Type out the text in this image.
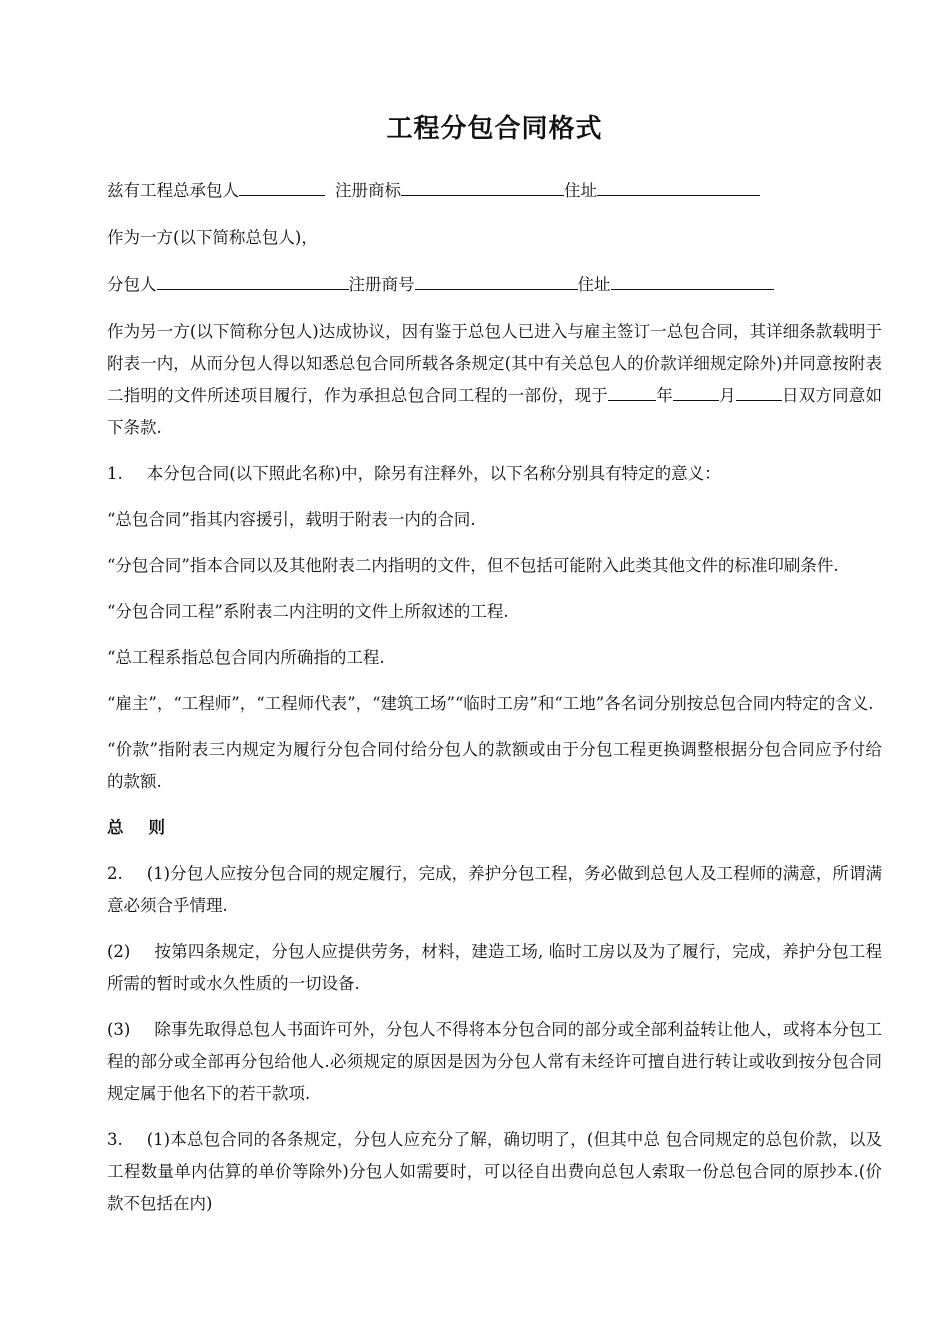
工程分包合同格式

兹有工程总承包人	注册商标	住址

作为一方(以下简称总包人)，

分包人	注册商号	住址

作为另一方(以下简称分包人)达成协议，因有鉴于总包人已进入与雇主签订一总包合同，其详细条款载明于附表一内，从而分包人得以知悉总包合同所载各条规定(其中有关总包人的价款详细规定除外)并同意按附表二指明的文件所述项目履行，作为承担总包合同工程的一部份，现于	年	月	日双方同意如下条款.

1. 本分包合同(以下照此名称)中，除另有注释外，以下名称分别具有特定的意义：

“总包合同”指其内容援引，载明于附表一内的合同.

“分包合同”指本合同以及其他附表二内指明的文件，但不包括可能附入此类其他文件的标准印刷条件.

“分包合同工程”系附表二内注明的文件上所叙述的工程.

“总工程系指总包合同内所确指的工程.

“雇主”，“工程师”，“工程师代表”，“建筑工场”“临时工房”和“工地”各名词分别按总包合同内特定的含义.

“价款”指附表三内规定为履行分包合同付给分包人的款额或由于分包工程更换调整根据分包合同应予付给的款额.

总 则

2. (1)分包人应按分包合同的规定履行，完成，养护分包工程，务必做到总包人及工程师的满意，所谓满意必须合乎情理.

(2) 按第四条规定，分包人应提供劳务，材料，建造工场, 临时工房以及为了履行，完成，养护分包工程所需的暂时或水久性质的一切设备.

(3) 除事先取得总包人书面许可外，分包人不得将本分包合同的部分或全部利益转让他人，或将本分包工程的部分或全部再分包给他人.必须规定的原因是因为分包人常有未经许可擅自进行转让或收到按分包合同规定属于他名下的若干款项.

3. (1)本总包合同的各条规定，分包人应充分了解，确切明了，(但其中总 包合同规定的总包价款，以及工程数量单内估算的单价等除外)分包人如需要时，可以径自出费向总包人索取一份总包合同的原抄本.(价款不包括在内)
